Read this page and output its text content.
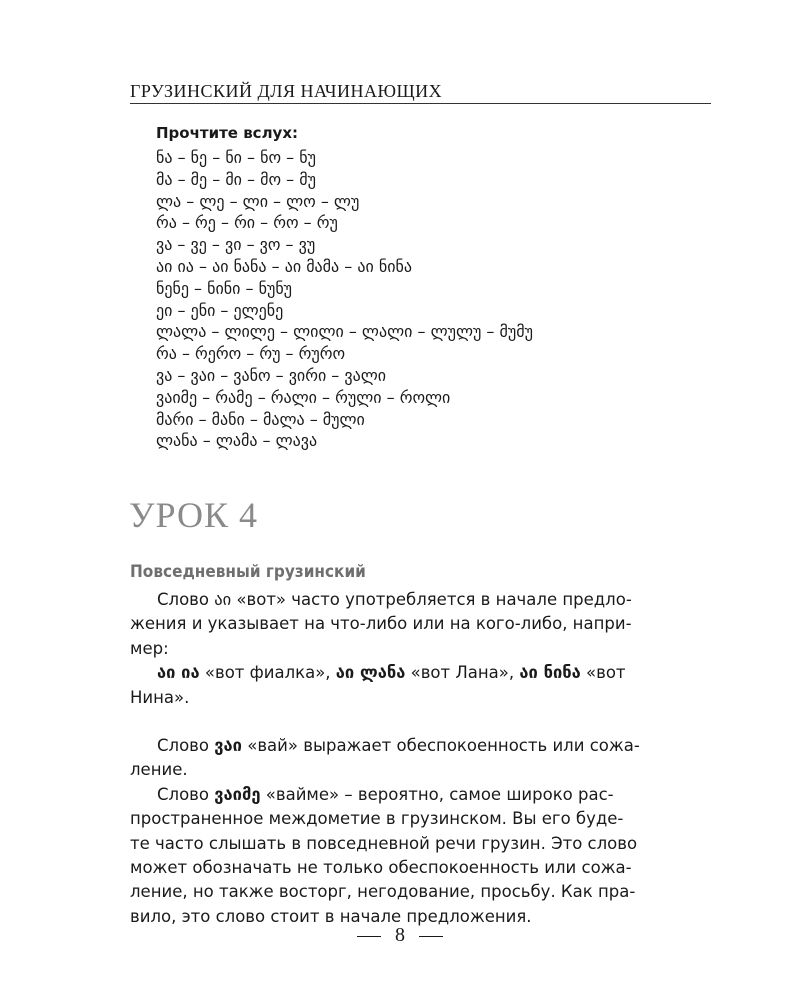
ГРУЗИНСКИЙ ДЛЯ НАЧИНАЮЩИХ
Прочтите вслух:
ნა – ნე – ნი – ნო – ნუ
მა – მე – მი – მო – მუ
ლა – ლე – ლი – ლო – ლუ
რა – რე – რი – რო – რუ
ვა – ვე – ვი – ვო – ვუ
აი ია – აი ნანა – აი მამა – აი ნინა
ნენე – ნინი – ნუნუ
ეი – ენი – ელენე
ლალა – ლილე – ლილი – ლალი – ლულუ – მუმუ
რა – რერო – რუ – რურო
ვა – ვაი – ვანო – ვირი – ვალი
ვაიმე – რამე – რალი – რული – როლი
მარი – მანი – მალა – მული
ლანა – ლამა – ლავა
УРОК 4
Повседневный грузинский
Слово აი «вот» часто употребляется в начале предло-
жения и указывает на что-либо или на кого-либо, напри-
мер:
აი ია «вот фиалка», აი ლანა «вот Лана», აი ნინა «вот
Нина».
Слово ვაი «вай» выражает обеспокоенность или сожа-
ление.
Слово ვაიმე «вайме» – вероятно, самое широко рас-
пространенное междометие в грузинском. Вы его буде-
те часто слышать в повседневной речи грузин. Это слово
может обозначать не только обеспокоенность или сожа-
ление, но также восторг, негодование, просьбу. Как пра-
вило, это слово стоит в начале предложения.
8
